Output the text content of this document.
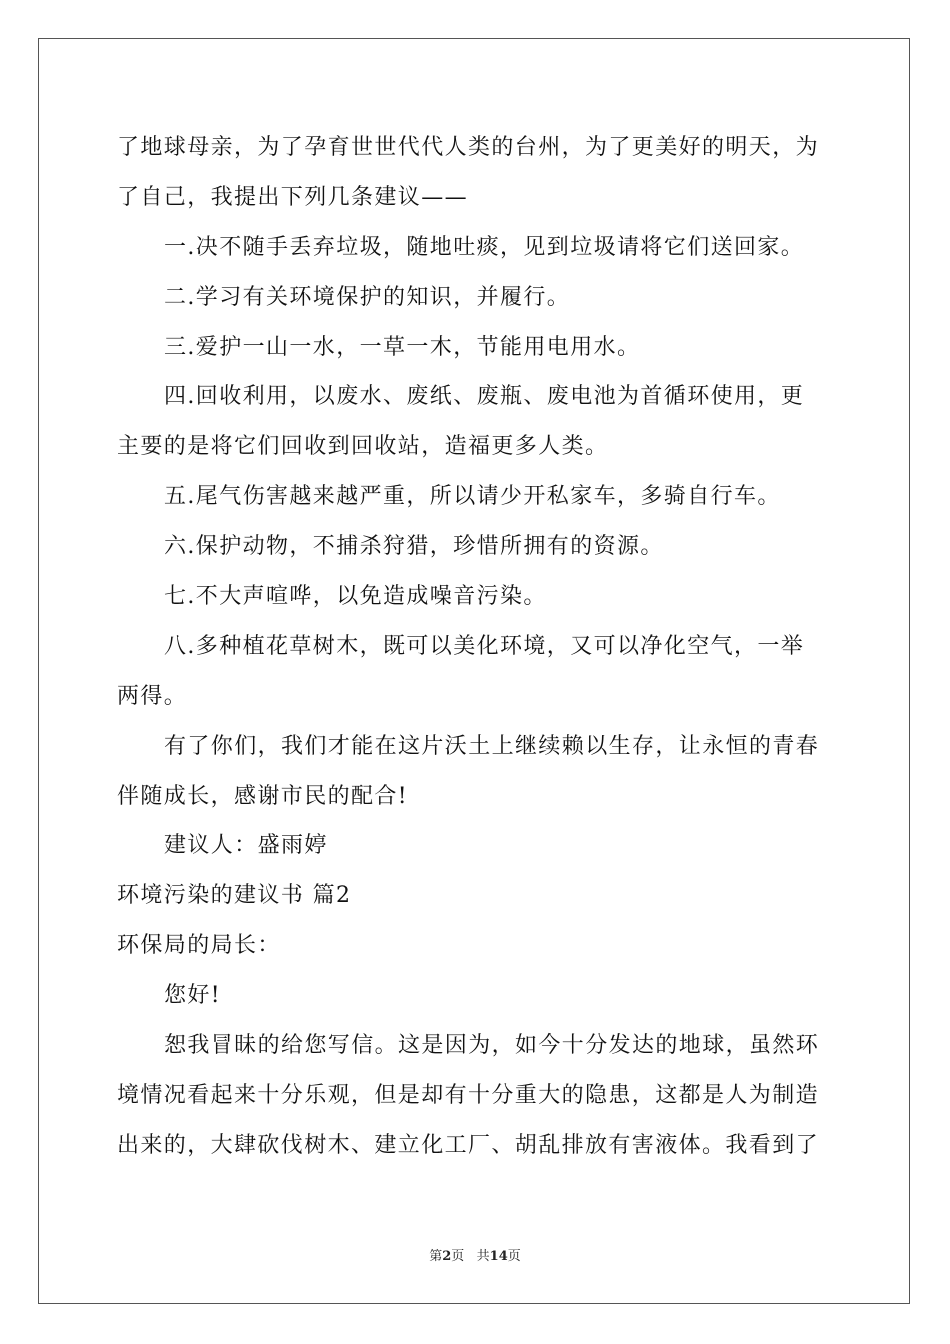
了地球母亲，为了孕育世世代代人类的台州，为了更美好的明天，为
了自己，我提出下列几条建议——
一.决不随手丢弃垃圾，随地吐痰，见到垃圾请将它们送回家。
二.学习有关环境保护的知识，并履行。
三.爱护一山一水，一草一木，节能用电用水。
四.回收利用，以废水、废纸、废瓶、废电池为首循环使用，更
主要的是将它们回收到回收站，造福更多人类。
五.尾气伤害越来越严重，所以请少开私家车，多骑自行车。
六.保护动物，不捕杀狩猎，珍惜所拥有的资源。
七.不大声喧哗，以免造成噪音污染。
八.多种植花草树木，既可以美化环境，又可以净化空气，一举
两得。
有了你们，我们才能在这片沃土上继续赖以生存，让永恒的青春
伴随成长，感谢市民的配合!
建议人：盛雨婷
环境污染的建议书 篇2
环保局的局长：
您好!
恕我冒昧的给您写信。这是因为，如今十分发达的地球，虽然环
境情况看起来十分乐观，但是却有十分重大的隐患，这都是人为制造
出来的，大肆砍伐树木、建立化工厂、胡乱排放有害液体。我看到了
第2页   共14页
